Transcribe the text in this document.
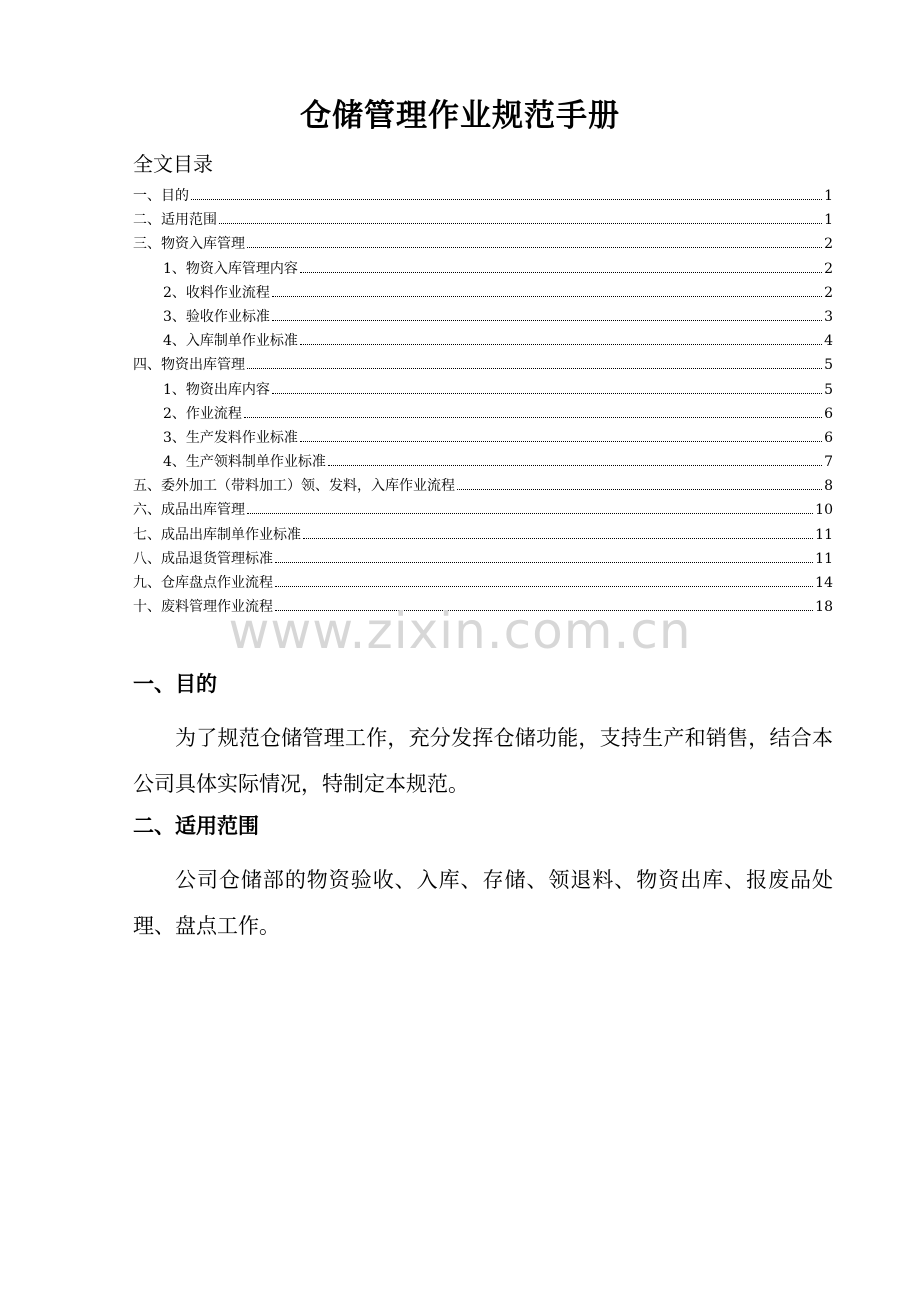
仓储管理作业规范手册
全文目录
一、目的	1
二、适用范围	1
三、物资入库管理	2
1、物资入库管理内容	2
2、收料作业流程	2
3、验收作业标准	3
4、入库制单作业标准	4
四、物资出库管理	5
1、物资出库内容	5
2、作业流程	6
3、生产发料作业标准	6
4、生产领料制单作业标准	7
五、委外加工（带料加工）领、发料，入库作业流程	8
六、成品出库管理	10
七、成品出库制单作业标准	11
八、成品退货管理标准	11
九、仓库盘点作业流程	14
十、废料管理作业流程	18
www.zixin.com.cn
一、目的

为了规范仓储管理工作，充分发挥仓储功能，支持生产和销售，结合本公司具体实际情况，特制定本规范。

二、适用范围

公司仓储部的物资验收、入库、存储、领退料、物资出库、报废品处理、盘点工作。
